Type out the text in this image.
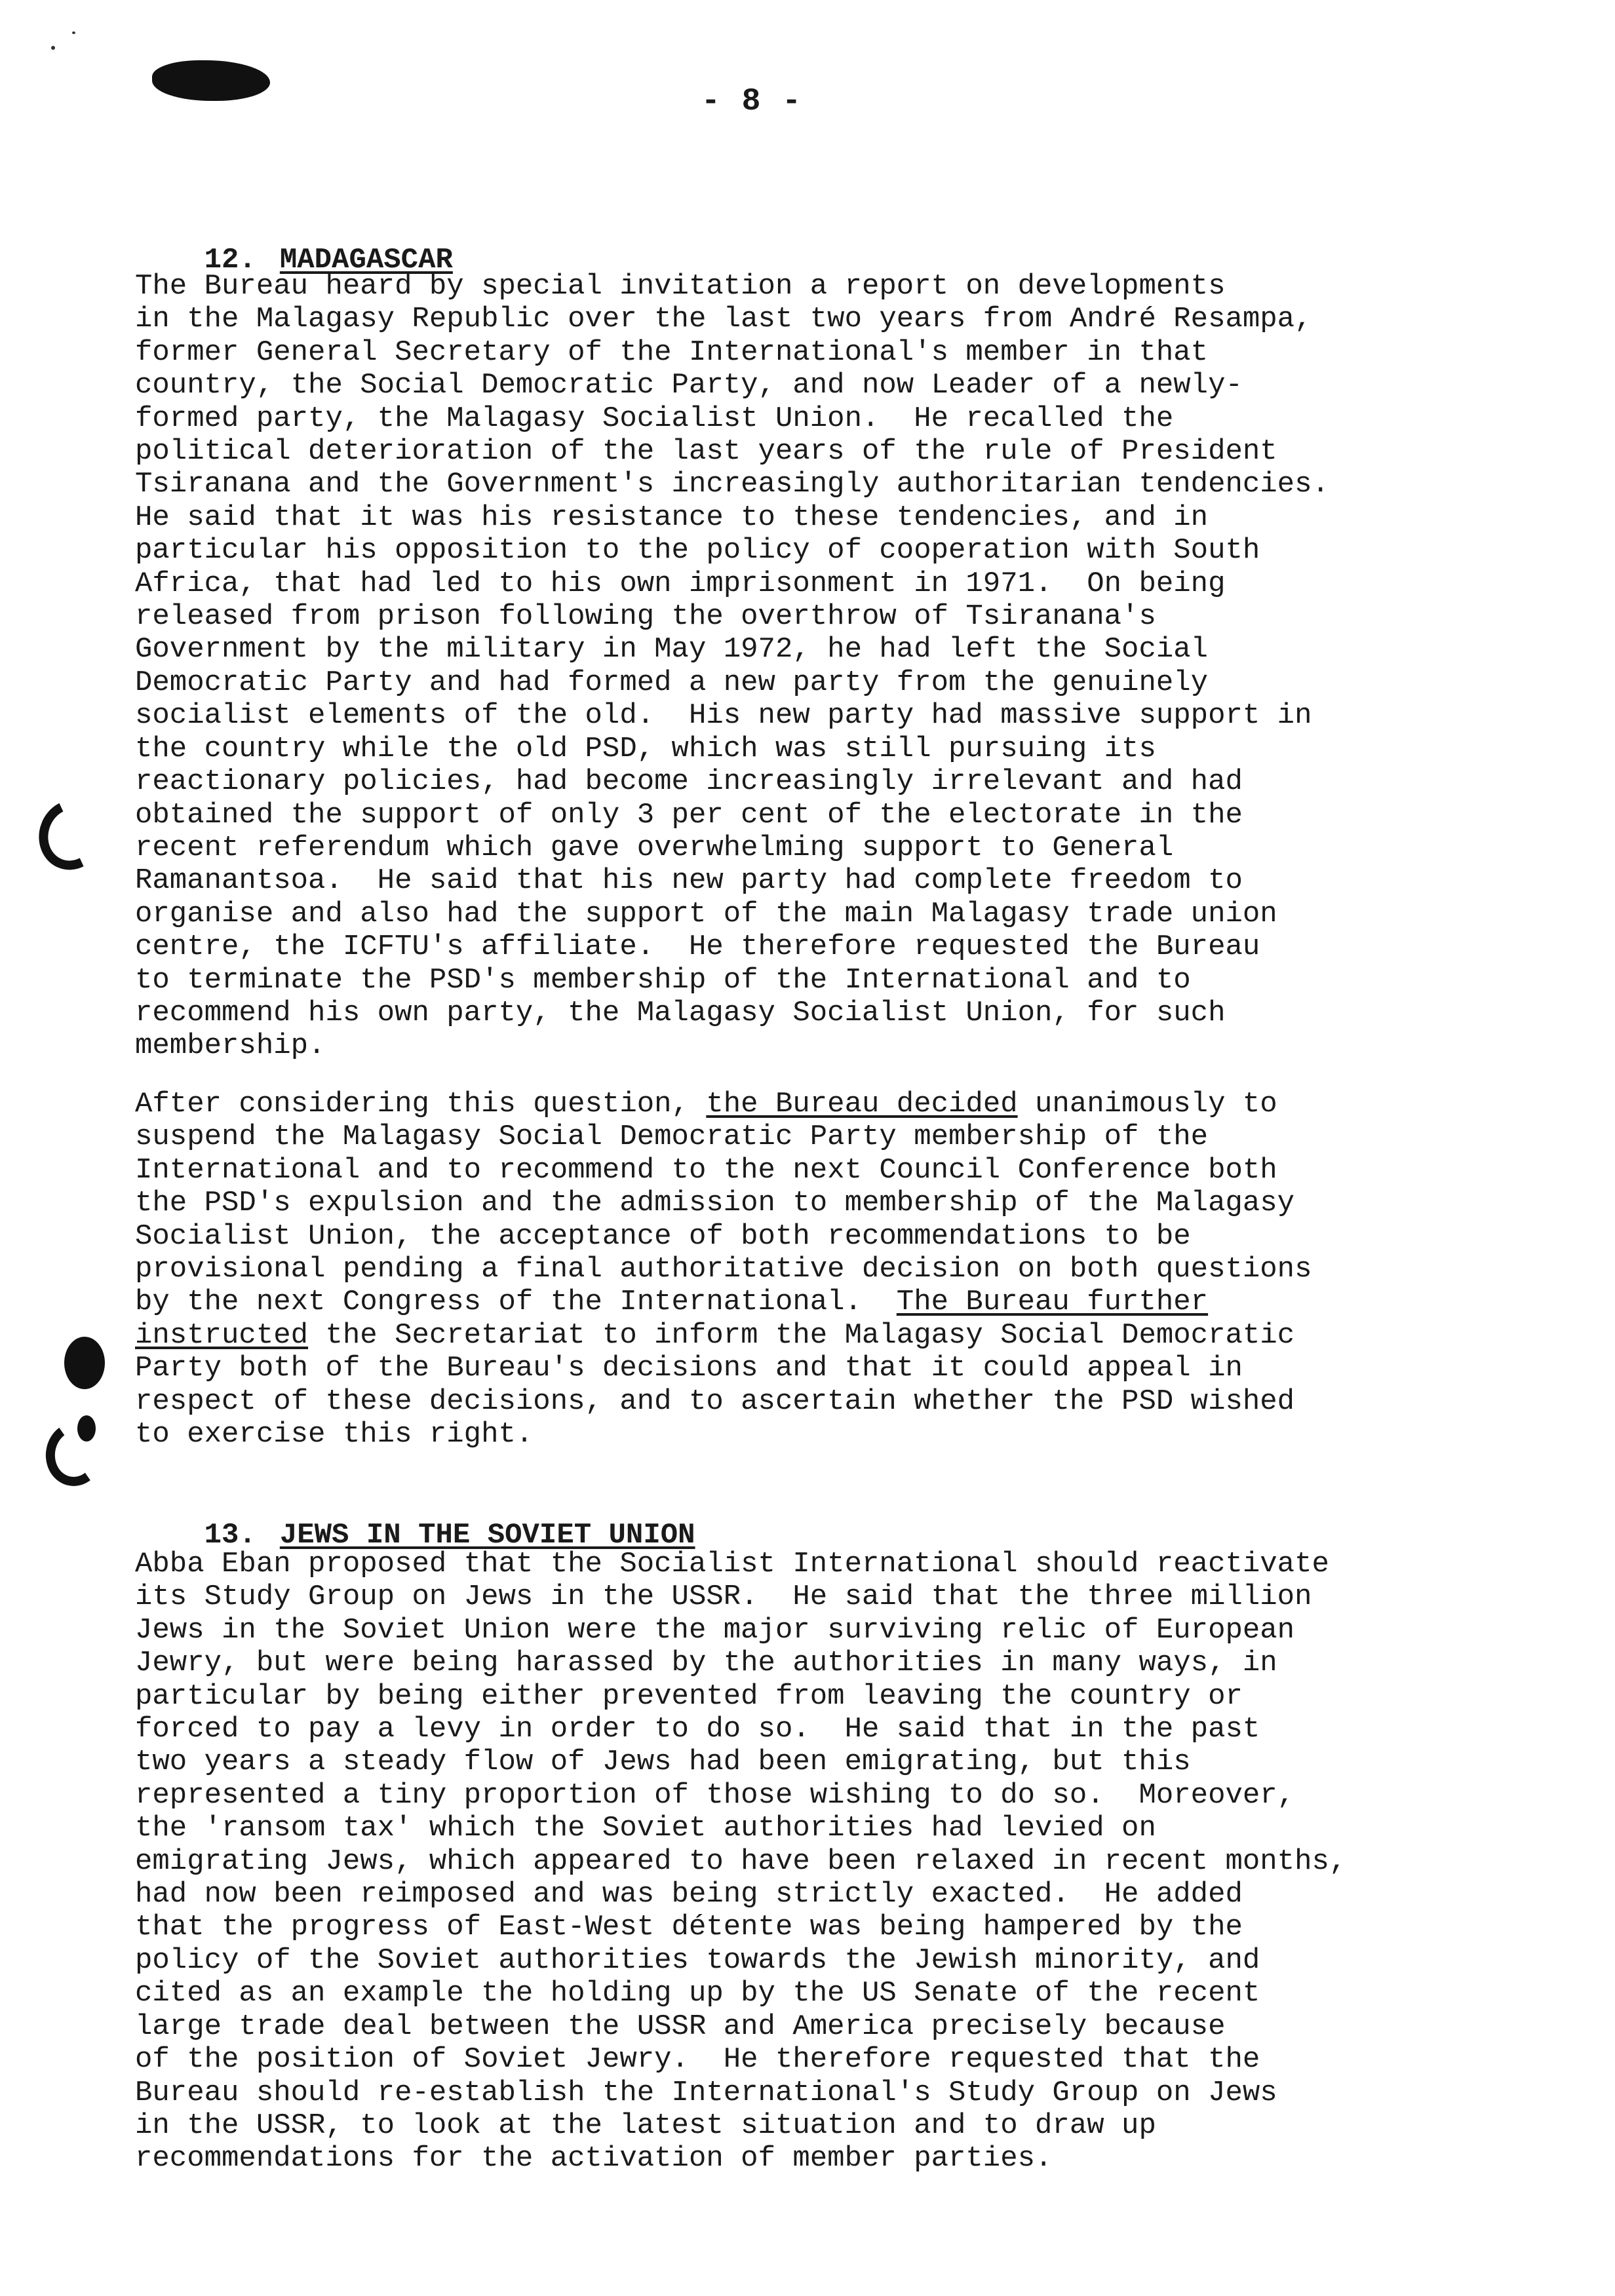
- 8 -

12. MADAGASCAR

The Bureau heard by special invitation a report on developments
in the Malagasy Republic over the last two years from André Resampa,
former General Secretary of the International's member in that
country, the Social Democratic Party, and now Leader of a newly-
formed party, the Malagasy Socialist Union.  He recalled the
political deterioration of the last years of the rule of President
Tsiranana and the Government's increasingly authoritarian tendencies.
He said that it was his resistance to these tendencies, and in
particular his opposition to the policy of cooperation with South
Africa, that had led to his own imprisonment in 1971.  On being
released from prison following the overthrow of Tsiranana's
Government by the military in May 1972, he had left the Social
Democratic Party and had formed a new party from the genuinely
socialist elements of the old.  His new party had massive support in
the country while the old PSD, which was still pursuing its
reactionary policies, had become increasingly irrelevant and had
obtained the support of only 3 per cent of the electorate in the
recent referendum which gave overwhelming support to General
Ramanantsoa.  He said that his new party had complete freedom to
organise and also had the support of the main Malagasy trade union
centre, the ICFTU's affiliate.  He therefore requested the Bureau
to terminate the PSD's membership of the International and to
recommend his own party, the Malagasy Socialist Union, for such
membership.
After considering this question, the Bureau decided unanimously to
suspend the Malagasy Social Democratic Party membership of the
International and to recommend to the next Council Conference both
the PSD's expulsion and the admission to membership of the Malagasy
Socialist Union, the acceptance of both recommendations to be
provisional pending a final authoritative decision on both questions
by the next Congress of the International.  The Bureau further
instructed the Secretariat to inform the Malagasy Social Democratic
Party both of the Bureau's decisions and that it could appeal in
respect of these decisions, and to ascertain whether the PSD wished
to exercise this right.

13. JEWS IN THE SOVIET UNION

Abba Eban proposed that the Socialist International should reactivate
its Study Group on Jews in the USSR.  He said that the three million
Jews in the Soviet Union were the major surviving relic of European
Jewry, but were being harassed by the authorities in many ways, in
particular by being either prevented from leaving the country or
forced to pay a levy in order to do so.  He said that in the past
two years a steady flow of Jews had been emigrating, but this
represented a tiny proportion of those wishing to do so.  Moreover,
the 'ransom tax' which the Soviet authorities had levied on
emigrating Jews, which appeared to have been relaxed in recent months,
had now been reimposed and was being strictly exacted.  He added
that the progress of East-West détente was being hampered by the
policy of the Soviet authorities towards the Jewish minority, and
cited as an example the holding up by the US Senate of the recent
large trade deal between the USSR and America precisely because
of the position of Soviet Jewry.  He therefore requested that the
Bureau should re-establish the International's Study Group on Jews
in the USSR, to look at the latest situation and to draw up
recommendations for the activation of member parties.
